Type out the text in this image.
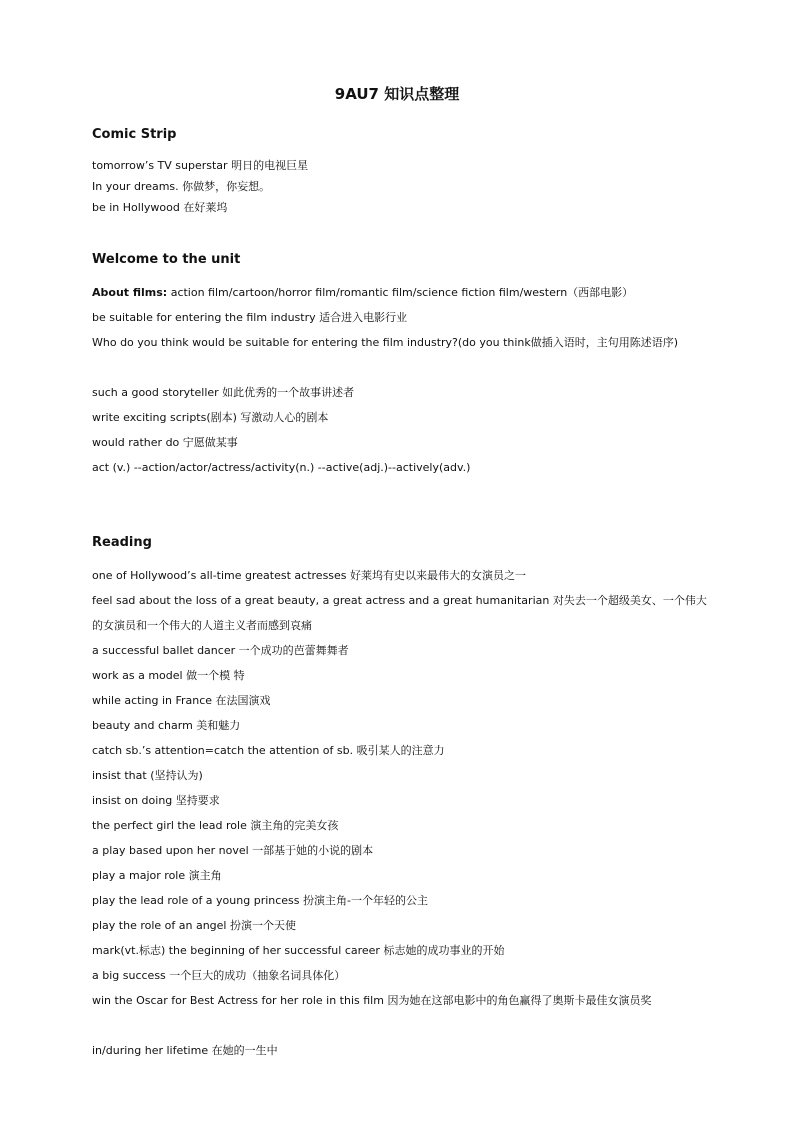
9AU7 知识点整理
Comic Strip
tomorrow’s TV superstar 明日的电视巨星
In your dreams. 你做梦，你妄想。
be in Hollywood 在好莱坞
Welcome to the unit
About films: action film/cartoon/horror film/romantic film/science fiction film/western（西部电影）
be suitable for entering the film industry 适合进入电影行业
Who do you think would be suitable for entering the film industry?(do you think做插入语时，主句用陈述语序)
such a good storyteller 如此优秀的一个故事讲述者
write exciting scripts(剧本) 写激动人心的剧本
would rather do 宁愿做某事
act (v.) --action/actor/actress/activity(n.) --active(adj.)--actively(adv.)
Reading
one of Hollywood’s all-time greatest actresses 好莱坞有史以来最伟大的女演员之一
feel sad about the loss of a great beauty, a great actress and a great humanitarian 对失去一个超级美女、一个伟大的女演员和一个伟大的人道主义者而感到哀痛
a successful ballet dancer 一个成功的芭蕾舞舞者
work as a model 做一个模 特
while acting in France 在法国演戏
beauty and charm 美和魅力
catch sb.’s attention=catch the attention of sb. 吸引某人的注意力
insist that (坚持认为)
insist on doing 坚持要求
the perfect girl the lead role 演主角的完美女孩
a play based upon her novel 一部基于她的小说的剧本
play a major role 演主角
play the lead role of a young princess 扮演主角-一个年轻的公主
play the role of an angel 扮演一个天使
mark(vt.标志) the beginning of her successful career 标志她的成功事业的开始
a big success 一个巨大的成功（抽象名词具体化）
win the Oscar for Best Actress for her role in this film 因为她在这部电影中的角色赢得了奥斯卡最佳女演员奖
in/during her lifetime 在她的一生中
